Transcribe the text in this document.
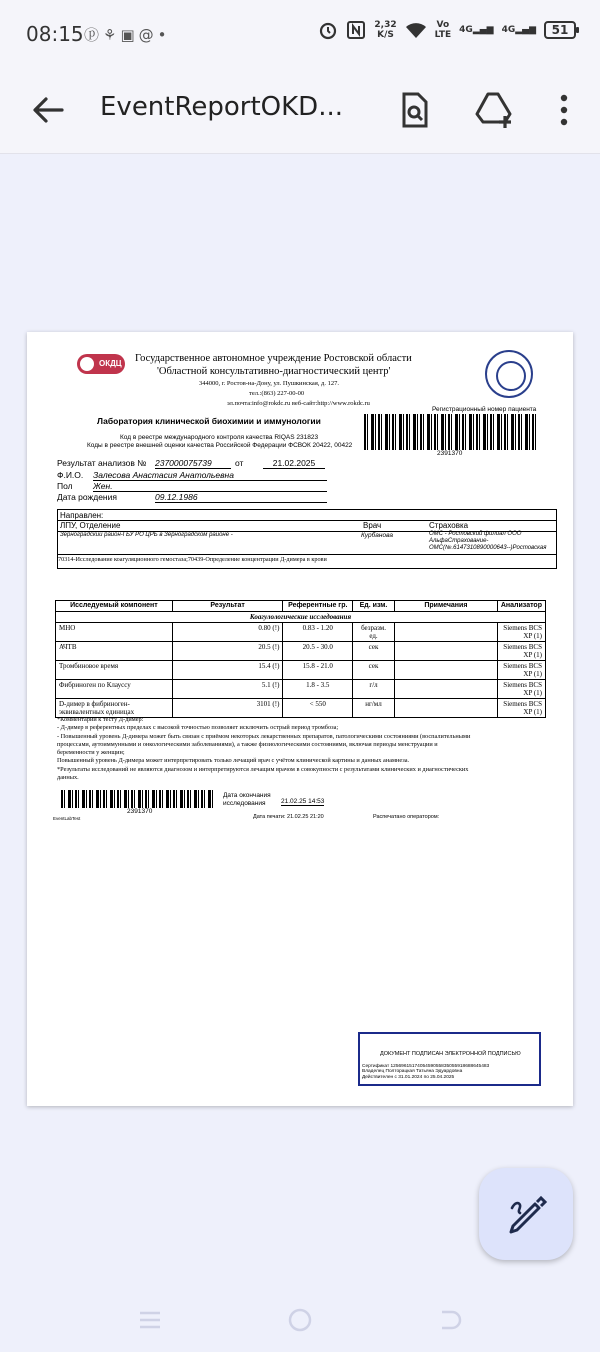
08:15 ⓟ⚘▣@•
2,32
K/S
Vo
LTE 4G▂▄▆ 4G▂▄▆	51
EventReportOKD...
ОКДЦ	Государственное автономное учреждение Ростовской области
'Областной консультативно-диагностический центр'
344000, г. Ростов-на-Дону, ул. Пушкинская, д. 127.
тел.:(863) 227-00-00
эл.почта:info@rokdc.ru веб-сайт:http://www.rokdc.ru
Регистрационный номер пациента
Лаборатория клинической биохимии и иммунологии
Код в реестре международного контроля качества RIQAS 231823
Коды в реестре внешней оценки качества Российской Федерации ФСВОК 20422, 00422
2391370
Результат анализов № 237000075739	от	21.02.2025
Ф.И.О. Залесова Анастасия Анатольевна
Пол Жен.
Дата рождения	09.12.1986
Направлен:
ЛПУ, Отделение	Врач	Страховка
Зерноградский район-ГБУ РО ЦРБ в Зерноградском районе -	Курбанова	ОМС - Ростовский филиал ООО
АльфаСтрахование-
ОМС(№.6147310890000643--)Ростовская
70314-Исследование коагуляционного гемостаза;70439-Определение концентрации Д-димера в крови
Исследуемый компонент	Результат	Референтные гр.	Ед. изм.	Примечания	Анализатор
Коагулологические исследования					
МНО	0.80 (!)	0.83 - 1.20	безразм. ед.		Siemens BCS XP (1)
АЧТВ	20.5 (!)	20.5 - 30.0	сек		Siemens BCS XP (1)
Тромбиновое время	15.4 (!)	15.8 - 21.0	сек		Siemens BCS XP (1)
Фибриноген по Клауссу	5.1 (!)	1.8 - 3.5	г/л		Siemens BCS XP (1)
D-димер в фибриноген-эквивалентных единицах	3101 (!)	< 550	нг/мл		Siemens BCS XP (1)
*Комментарии к тесту Д-димер:
- Д-димер в референтных пределах с высокой точностью позволяет исключить острый период тромбоза;
- Повышенный уровень Д-димера может быть связан с приёмом некоторых лекарственных препаратов, патологическими состояниями (воспалительными
процессами, аутоиммунными и онкологическими заболеваниями), а также физиологическими состояниями, включая периоды менструации и
беременности у женщин;
Повышенный уровень Д-димера может интерпретировать только лечащий врач с учётом клинической картины и данных анамнеза.
*Результаты исследований не являются диагнозом и интерпретируются лечащим врачом в совокупности с результатами клинических и диагностических
данных.
2391370
Дата окончания
исследования	21.02.25 14:53
EventLabTest	Дата печати: 21.02.25 21:20	Распечатано оператором:
ДОКУМЕНТ ПОДПИСАН ЭЛЕКТРОННОЙ ПОДПИСЬЮ
Сертификат 1256961517405459055835055918688645483
Владелец Полторацкая Татьяна Эдуардовна
Действителен с 31.01.2024 по 25.04.2025
